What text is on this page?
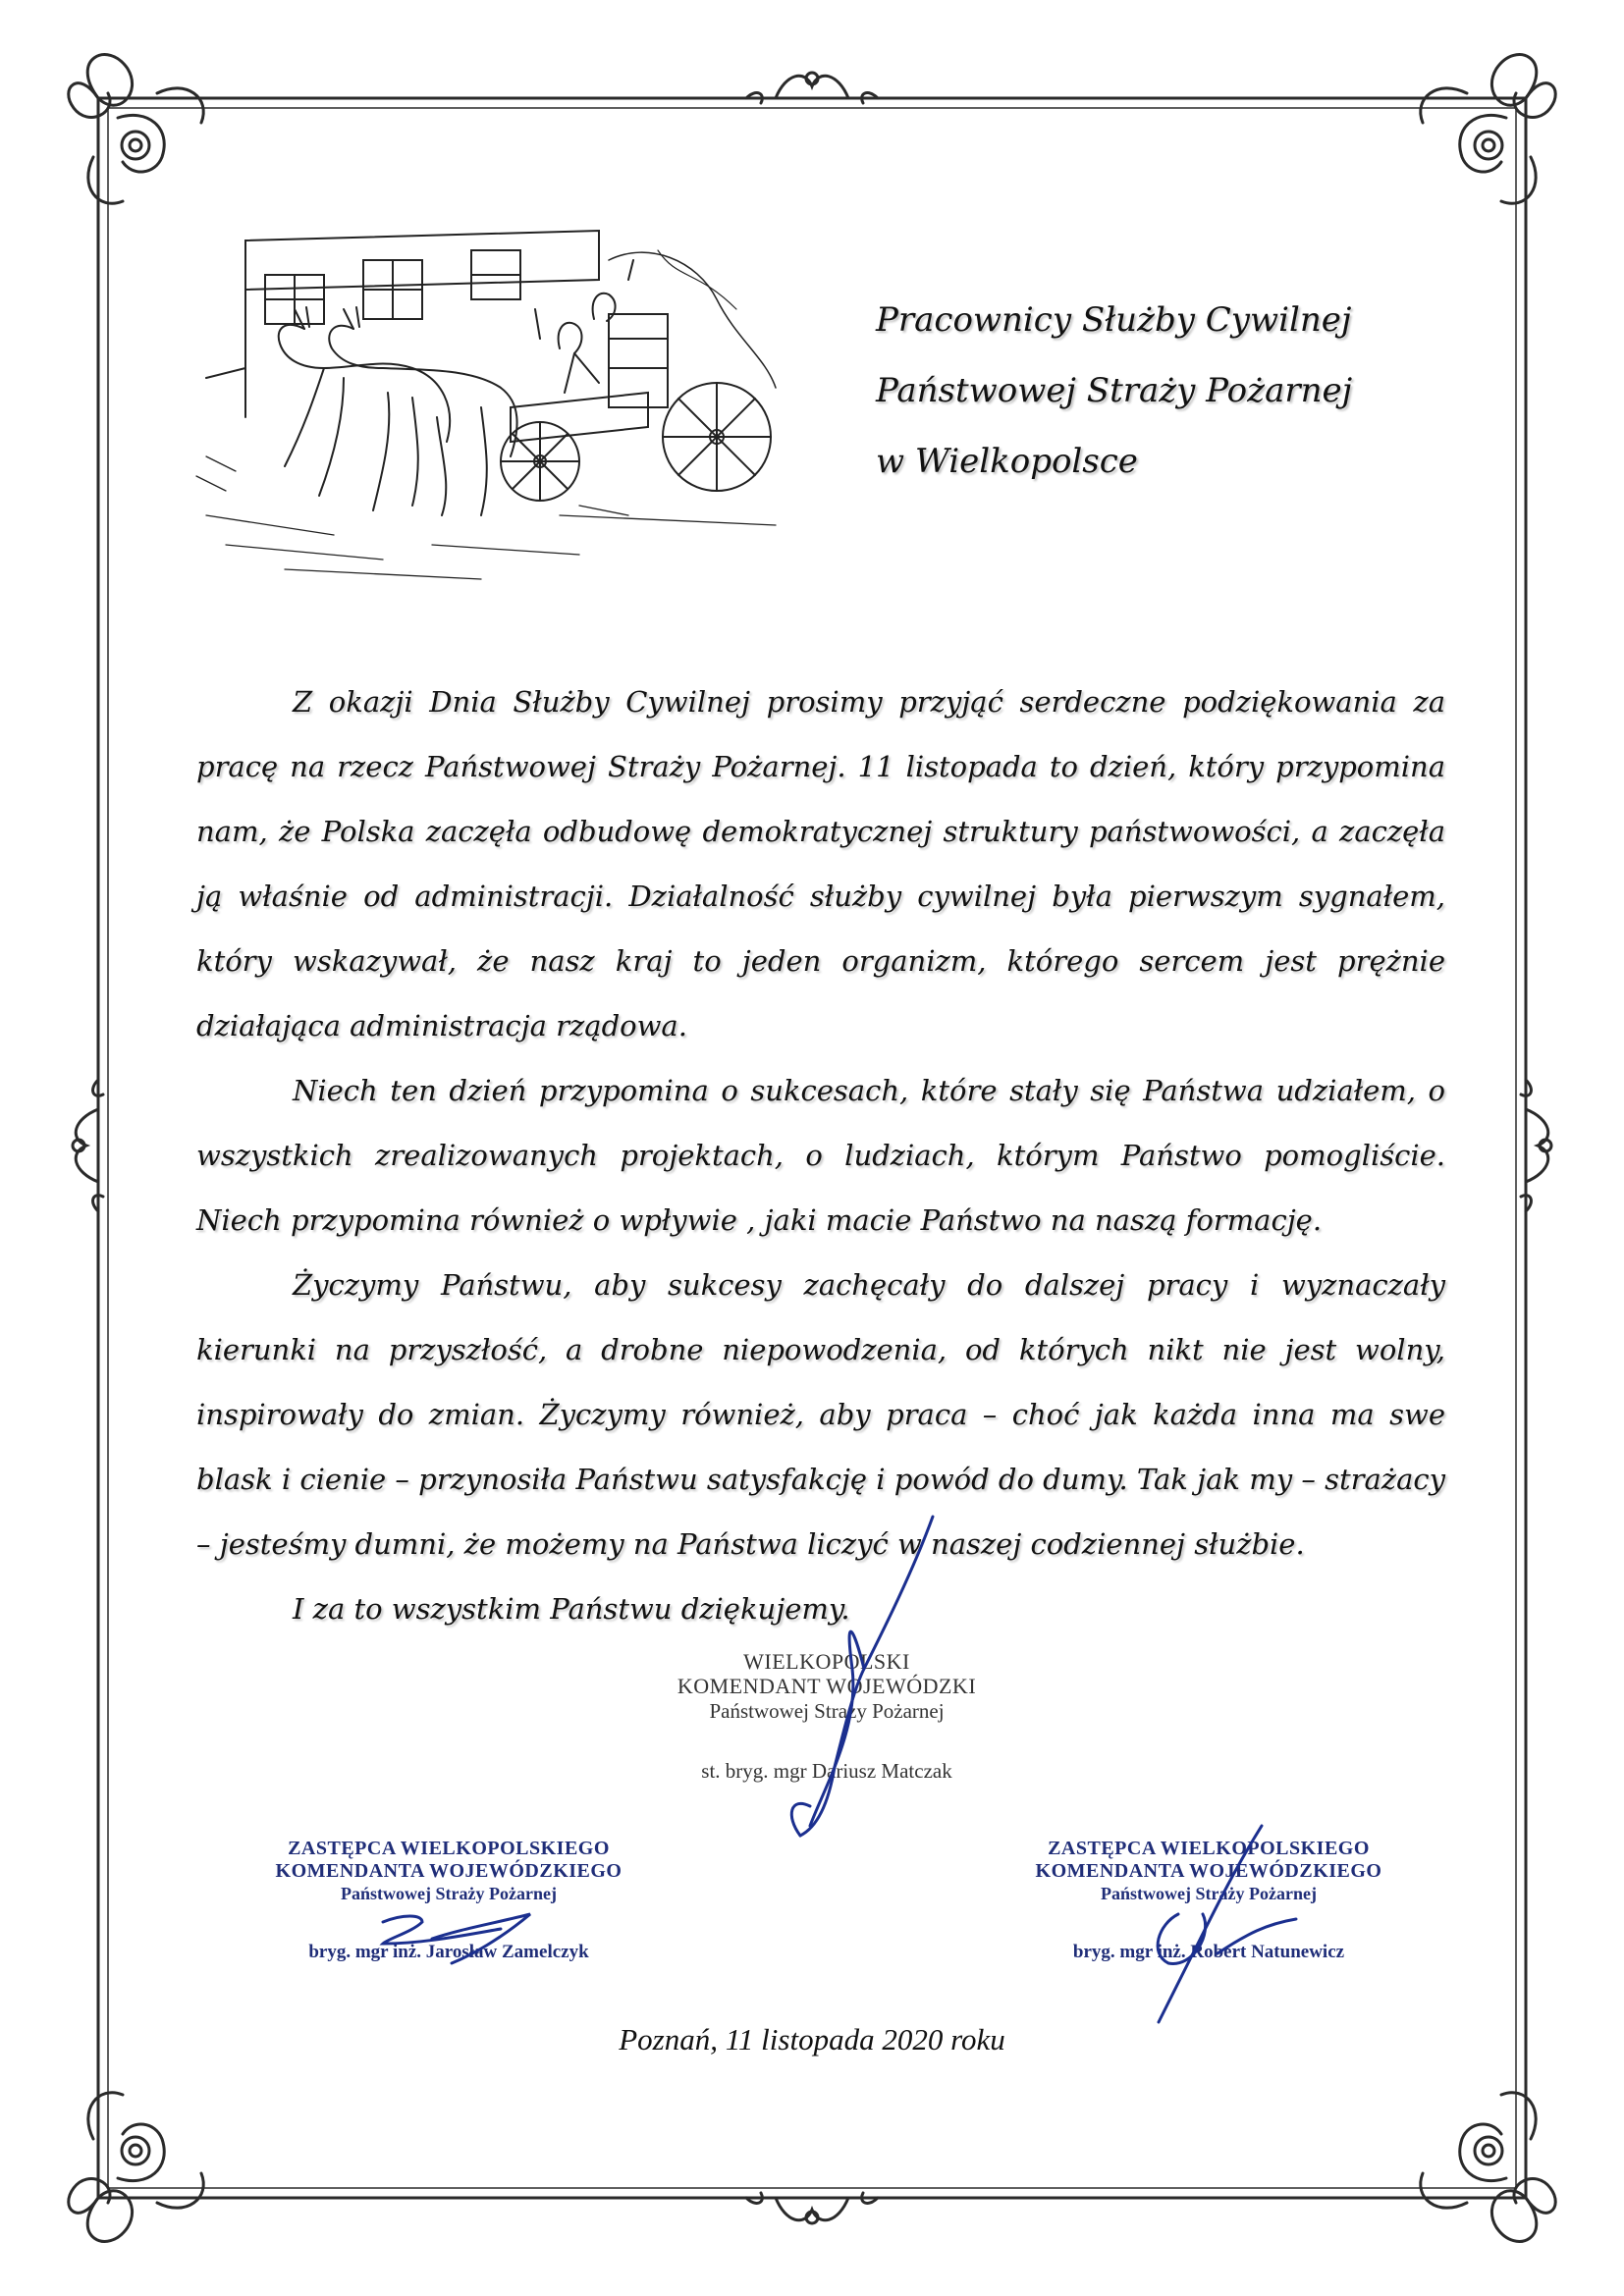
Pracownicy Służby Cywilnej
Państwowej Straży Pożarnej
w Wielkopolsce

Z okazji Dnia Służby Cywilnej prosimy przyjąć serdeczne podziękowania za pracę na rzecz Państwowej Straży Pożarnej. 11 listopada to dzień, który przypomina nam, że Polska zaczęła odbudowę demokratycznej struktury państwowości, a zaczęła ją właśnie od administracji. Działalność służby cywilnej była pierwszym sygnałem, który wskazywał, że nasz kraj to jeden organizm, którego sercem jest prężnie działająca administracja rządowa.

Niech ten dzień przypomina o sukcesach, które stały się Państwa udziałem, o wszystkich zrealizowanych projektach, o ludziach, którym Państwo pomogliście. Niech przypomina również o wpływie , jaki macie Państwo na naszą formację.

Życzymy Państwu, aby sukcesy zachęcały do dalszej pracy i wyznaczały kierunki na przyszłość, a drobne niepowodzenia, od których nikt nie jest wolny, inspirowały do zmian. Życzymy również, aby praca – choć jak każda inna ma swe blask i cienie – przynosiła Państwu satysfakcję i powód do dumy. Tak jak my – strażacy – jesteśmy dumni, że możemy na Państwa liczyć w naszej codziennej służbie.

I za to wszystkim Państwu dziękujemy.

WIELKOPOLSKI
KOMENDANT WOJEWÓDZKI
Państwowej Straży Pożarnej
st. bryg. mgr Dariusz Matczak
ZASTĘPCA WIELKOPOLSKIEGO
KOMENDANTA WOJEWÓDZKIEGO
Państwowej Straży Pożarnej
bryg. mgr inż. Jarosław Zamelczyk
ZASTĘPCA WIELKOPOLSKIEGO
KOMENDANTA WOJEWÓDZKIEGO
Państwowej Straży Pożarnej
bryg. mgr inż. Robert Natunewicz
Poznań, 11 listopada 2020 roku
